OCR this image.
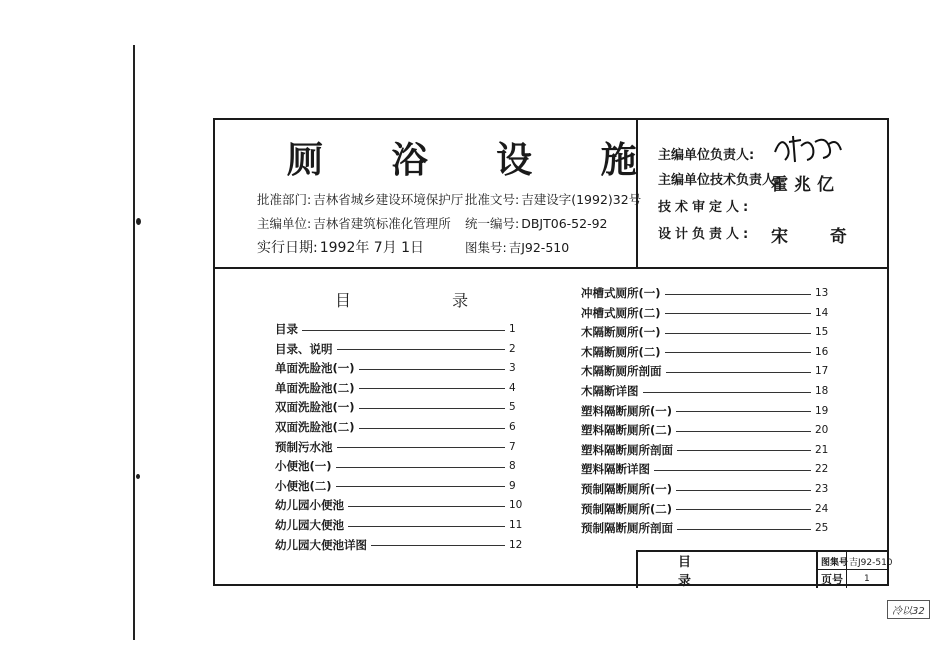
厕 浴 设 施
批准部门: 吉林省城乡建设环境保护厅 批准文号: 吉建设字(1992)32号
主编单位: 吉林省建筑标准化管理所 统一编号: DBJT06-52-92
实行日期: 1992年 7月 1日	图集号: 吉J92-510
主编单位负责人:
主编单位技术负责人:
霍兆亿
技术审定人:
设计负责人: 宋 奇
目 录
目录	1
目录、说明	2
单面洗脸池(一)	3
单面洗脸池(二)	4
双面洗脸池(一)	5
双面洗脸池(二)	6
预制污水池	7
小便池(一)	8
小便池(二)	9
幼儿园小便池	10
幼儿园大便池	11
幼儿园大便池详图	12
冲槽式厕所(一)	13
冲槽式厕所(二)	14
木隔断厕所(一)	15
木隔断厕所(二)	16
木隔断厕所剖面	17
木隔断详图	18
塑料隔断厕所(一)	19
塑料隔断厕所(二)	20
塑料隔断厕所剖面	21
塑料隔断详图	22
预制隔断厕所(一)	23
预制隔断厕所(二)	24
预制隔断厕所剖面	25
目 录
图集号 吉J92-510
页号 1
冷以32
